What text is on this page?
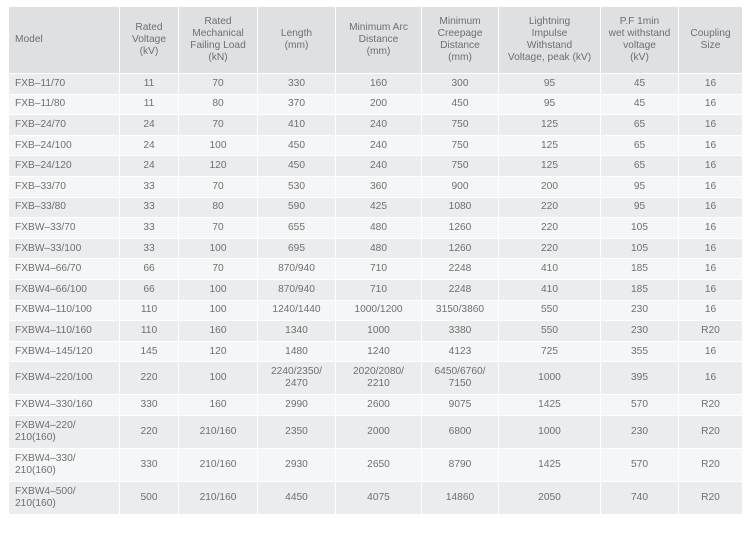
Model	Rated
Voltage
(kV)	Rated
Mechanical
Failing Load
(kN)	Length
(mm)	Minimum Arc
Distance
(mm)	Minimum
Creepage
Distance
(mm)	Lightning
Impulse
Withstand
Voltage, peak (kV)	P.F 1min
wet withstand
voltage
(kV)	Coupling
Size
FXB–11/70	11	70	330	160	300	95	45	16
FXB–11/80	11	80	370	200	450	95	45	16
FXB–24/70	24	70	410	240	750	125	65	16
FXB–24/100	24	100	450	240	750	125	65	16
FXB–24/120	24	120	450	240	750	125	65	16
FXB–33/70	33	70	530	360	900	200	95	16
FXB–33/80	33	80	590	425	1080	220	95	16
FXBW–33/70	33	70	655	480	1260	220	105	16
FXBW–33/100	33	100	695	480	1260	220	105	16
FXBW4–66/70	66	70	870/940	710	2248	410	185	16
FXBW4–66/100	66	100	870/940	710	2248	410	185	16
FXBW4–110/100	110	100	1240/1440	1000/1200	3150/3860	550	230	16
FXBW4–110/160	110	160	1340	1000	3380	550	230	R20
FXBW4–145/120	145	120	1480	1240	4123	725	355	16
FXBW4–220/100	220	100	2240/2350/
2470	2020/2080/
2210	6450/6760/
7150	1000	395	16
FXBW4–330/160	330	160	2990	2600	9075	1425	570	R20
FXBW4–220/
210(160)	220	210/160	2350	2000	6800	1000	230	R20
FXBW4–330/
210(160)	330	210/160	2930	2650	8790	1425	570	R20
FXBW4–500/
210(160)	500	210/160	4450	4075	14860	2050	740	R20
